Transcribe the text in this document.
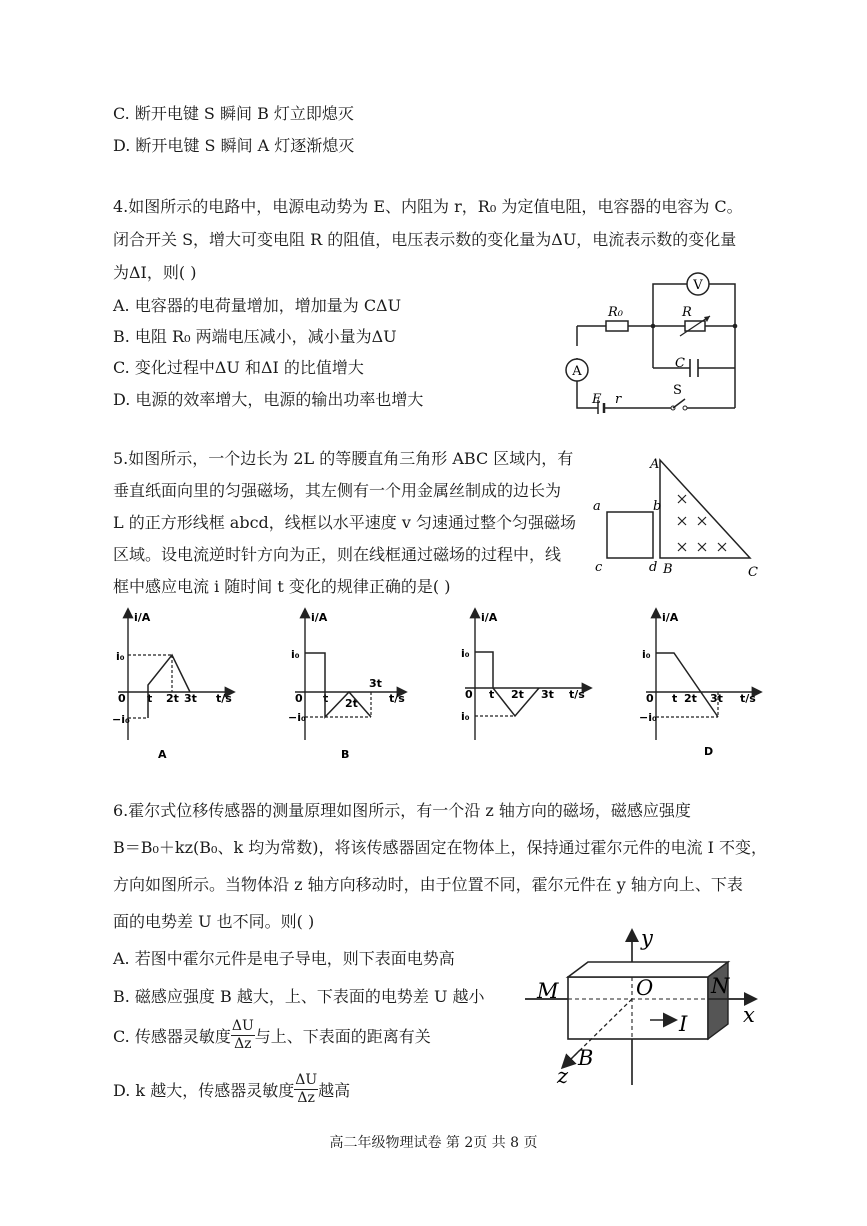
C. 断开电键 S 瞬间 B 灯立即熄灭
D. 断开电键 S 瞬间 A 灯逐渐熄灭
4.如图所示的电路中，电源电动势为 E、内阻为 r，R₀ 为定值电阻，电容器的电容为 C。
闭合开关 S，增大可变电阻 R 的阻值，电压表示数的变化量为ΔU，电流表示数的变化量
为ΔI，则( )
A. 电容器的电荷量增加，增加量为 CΔU
B. 电阻 R₀ 两端电压减小，减小量为ΔU
C. 变化过程中ΔU 和ΔI 的比值增大
D. 电源的效率增大，电源的输出功率也增大
A
V
R₀	R
C
E r
S
5.如图所示，一个边长为 2L 的等腰直角三角形 ABC 区域内，有
垂直纸面向里的匀强磁场，其左侧有一个用金属丝制成的边长为
L 的正方形线框 abcd，线框以水平速度 v 匀速通过整个匀强磁场
区域。设电流逆时针方向为正，则在线框通过磁场的过程中，线
框中感应电流 i 随时间 t 变化的规律正确的是( )
a	b
c	d
A
B	C
i/A
t/s
i₀
−i₀
0 t 2t 3t
A
i/A
t/s
i₀
−i₀
0 t 2t
3t
B
i/A
t/s
i₀
i₀
0 t 2t 3t
i/A
t/s
i₀
−i₀
0 t 2t 3t
D
6.霍尔式位移传感器的测量原理如图所示，有一个沿 z 轴方向的磁场，磁感应强度
B＝B₀＋kz(B₀、k 均为常数)，将该传感器固定在物体上，保持通过霍尔元件的电流 I 不变，
方向如图所示。当物体沿 z 轴方向移动时，由于位置不同，霍尔元件在 y 轴方向上、下表
面的电势差 U 也不同。则( )
A. 若图中霍尔元件是电子导电，则下表面电势高
B. 磁感应强度 B 越大，上、下表面的电势差 U 越小
C. 传感器灵敏度 $\frac{\Delta U}{\Delta z}$ 与上、下表面的距离有关
D. k 越大，传感器灵敏度 $\frac{\Delta U}{\Delta z}$ 越高
y
M	O	N
x
I
B
z
高二年级物理试卷 第 2页 共 8 页
